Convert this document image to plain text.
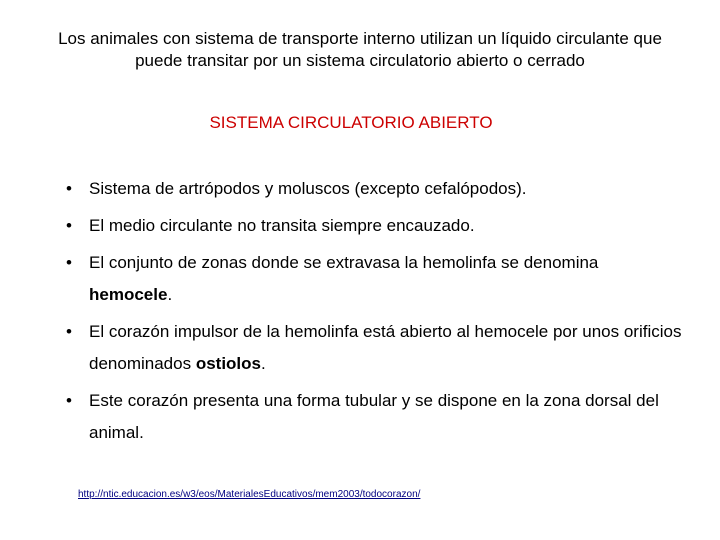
Los animales con sistema de transporte interno utilizan un líquido circulante que
puede transitar por un sistema circulatorio abierto o cerrado
SISTEMA CIRCULATORIO ABIERTO
• Sistema de artrópodos y moluscos (excepto cefalópodos).
• El medio circulante no transita siempre encauzado.
• El conjunto de zonas donde se extravasa la hemolinfa se denomina hemocele.
• El corazón impulsor de la hemolinfa está abierto al hemocele por unos orificios denominados ostiolos.
• Este corazón presenta una forma tubular y se dispone en la zona dorsal del animal.
http://ntic.educacion.es/w3/eos/MaterialesEducativos/mem2003/todocorazon/
